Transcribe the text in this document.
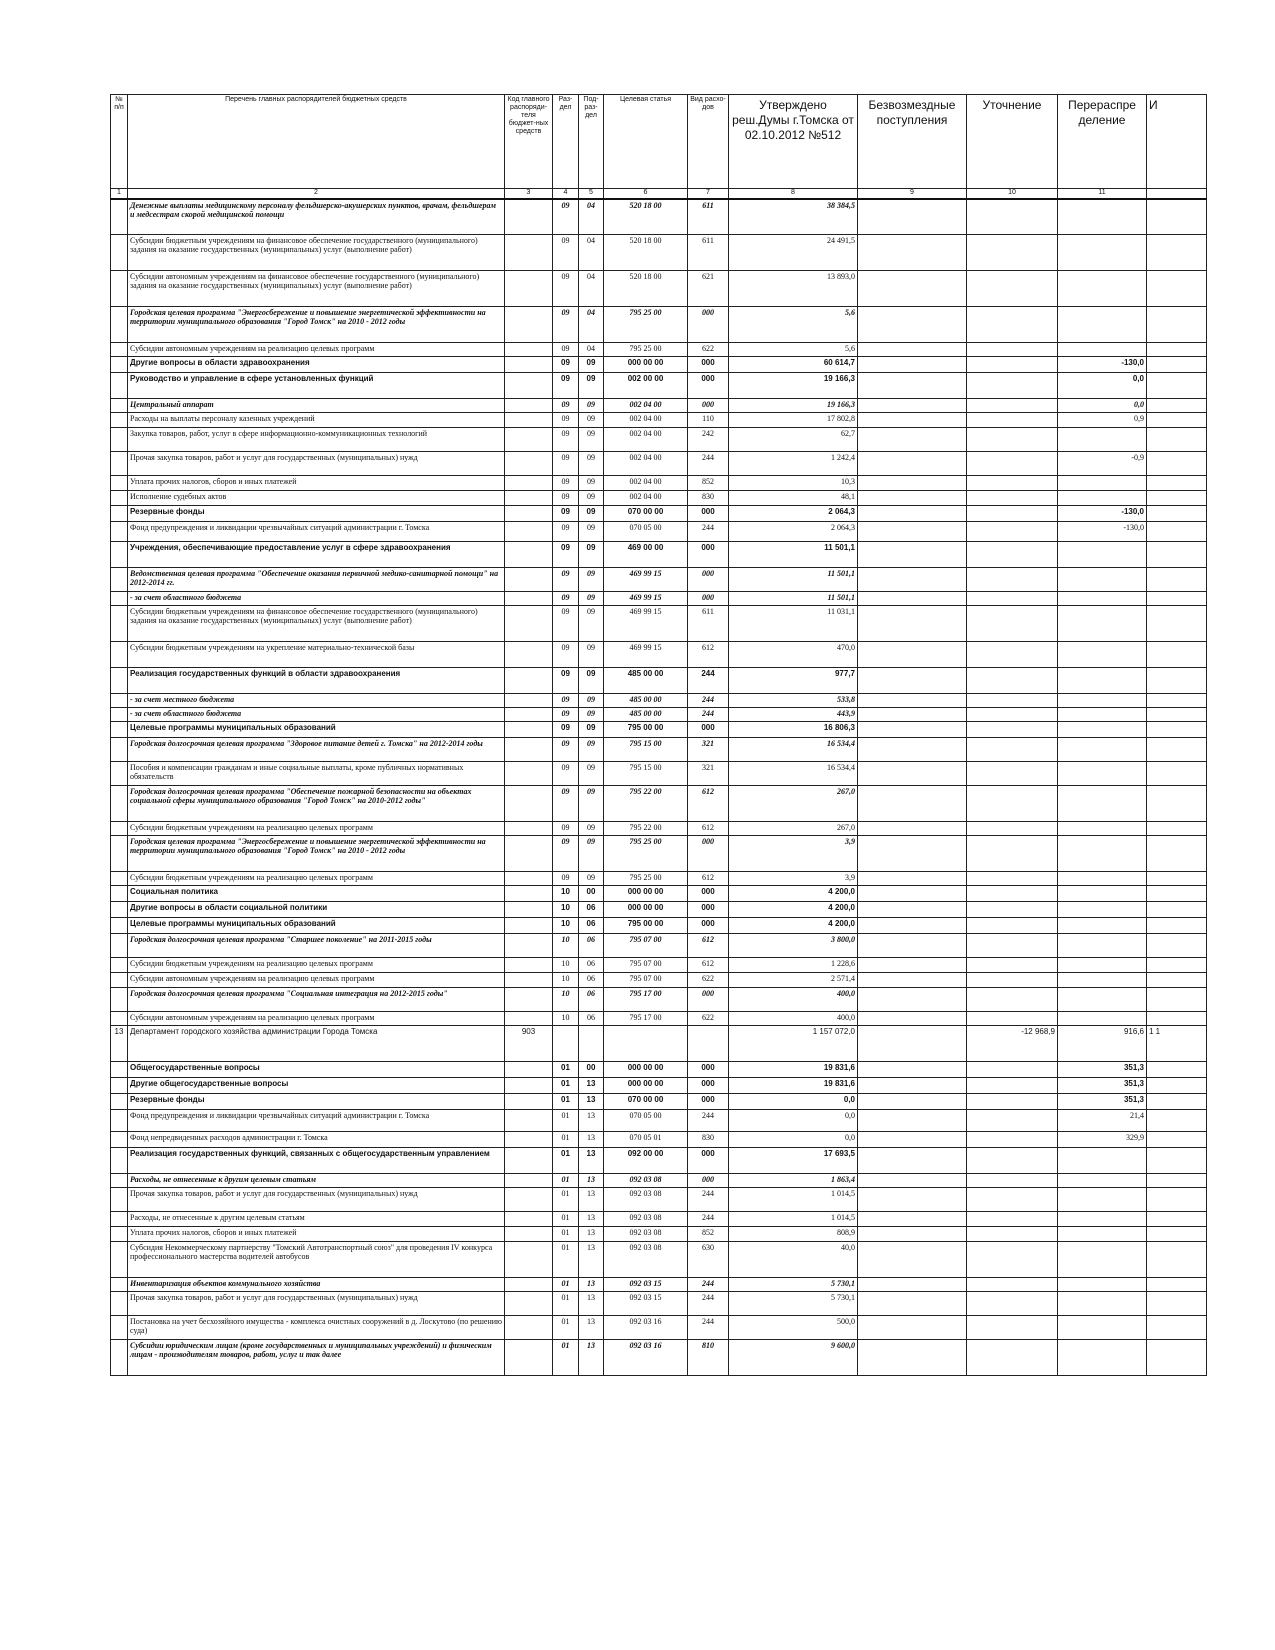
№ п/п	Перечень главных распорядителей бюджетных средств	Код главного распоряди-теля бюджет-ных средств	Раз-дел	Под-раз-дел	Целевая статья	Вид расхо-дов	Утверждено реш.Думы г.Томска от 02.10.2012 №512	Безвозмездные поступления	Уточнение	Перераспре деление	И
1	2	3	4	5	6	7	8	9	10	11	
	Денежные выплаты медицинскому персоналу фельдшерско-акушерских пунктов, врачам, фельдшерам и медсестрам скорой медицинской помощи		09	04	520 18 00	611	38 384,5				
	Субсидии бюджетным учреждениям на финансовое обеспечение государственного (муниципального) задания на оказание государственных (муниципальных) услуг (выполнение работ)		09	04	520 18 00	611	24 491,5				
	Субсидии автономным учреждениям на финансовое обеспечение государственного (муниципального) задания на оказание государственных (муниципальных) услуг (выполнение работ)		09	04	520 18 00	621	13 893,0				
	Городская целевая программа "Энергосбережение и повышение энергетической эффективности на территории муниципального образования "Город Томск" на 2010 - 2012 годы		09	04	795 25 00	000	5,6				
	Субсидии автономным учреждениям на реализацию целевых программ		09	04	795 25 00	622	5,6				
	Другие вопросы в области здравоохранения		09	09	000 00 00	000	60 614,7			-130,0	
	Руководство и управление в сфере установленных функций		09	09	002 00 00	000	19 166,3			0,0	
	Центральный аппарат		09	09	002 04 00	000	19 166,3			0,0	
	Расходы на выплаты персоналу казенных учреждений		09	09	002 04 00	110	17 802,8			0,9	
	Закупка товаров, работ, услуг в сфере информационно-коммуникационных технологий		09	09	002 04 00	242	62,7				
	Прочая закупка товаров, работ и услуг для государственных (муниципальных) нужд		09	09	002 04 00	244	1 242,4			-0,9	
	Уплата прочих налогов, сборов и иных платежей		09	09	002 04 00	852	10,3				
	Исполнение судебных актов		09	09	002 04 00	830	48,1				
	Резервные фонды		09	09	070 00 00	000	2 064,3			-130,0	
	Фонд предупреждения и ликвидации чрезвычайных ситуаций администрации г. Томска		09	09	070 05 00	244	2 064,3			-130,0	
	Учреждения, обеспечивающие предоставление услуг в сфере здравоохранения		09	09	469 00 00	000	11 501,1				
	Ведомственная целевая программа "Обеспечение оказания первичной медико-санитарной помощи" на 2012-2014 гг.		09	09	469 99 15	000	11 501,1				
	- за счет областного бюджета		09	09	469 99 15	000	11 501,1				
	Субсидии бюджетным учреждениям на финансовое обеспечение государственного (муниципального) задания на оказание государственных (муниципальных) услуг (выполнение работ)		09	09	469 99 15	611	11 031,1				
	Субсидии бюджетным учреждениям на укрепление материально-технической базы		09	09	469 99 15	612	470,0				
	Реализация государственных функций в области здравоохранения		09	09	485 00 00	244	977,7				
	- за счет местного бюджета		09	09	485 00 00	244	533,8				
	- за счет областного бюджета		09	09	485 00 00	244	443,9				
	Целевые программы муниципальных образований		09	09	795 00 00	000	16 806,3				
	Городская долгосрочная целевая программа "Здоровое питание детей г. Томска" на 2012-2014 годы		09	09	795 15 00	321	16 534,4				
	Пособия и компенсации гражданам и иные социальные выплаты, кроме публичных нормативных обязательств		09	09	795 15 00	321	16 534,4				
	Городская долгосрочная целевая программа "Обеспечение пожарной безопасности на объектах социальной сферы муниципального образования "Город Томск" на 2010-2012 годы"		09	09	795 22 00	612	267,0				
	Субсидии бюджетным учреждениям на реализацию целевых программ		09	09	795 22 00	612	267,0				
	Городская целевая программа "Энергосбережение и повышение энергетической эффективности на территории муниципального образования "Город Томск" на 2010 - 2012 годы		09	09	795 25 00	000	3,9				
	Субсидии бюджетным учреждениям на реализацию целевых программ		09	09	795 25 00	612	3,9				
	Социальная политика		10	00	000 00 00	000	4 200,0				
	Другие вопросы в области социальной политики		10	06	000 00 00	000	4 200,0				
	Целевые программы муниципальных образований		10	06	795 00 00	000	4 200,0				
	Городская долгосрочная целевая программа "Старшее поколение" на 2011-2015 годы		10	06	795 07 00	612	3 800,0				
	Субсидии бюджетным учреждениям на реализацию целевых программ		10	06	795 07 00	612	1 228,6				
	Субсидии автономным учреждениям на реализацию целевых программ		10	06	795 07 00	622	2 571,4				
	Городская долгосрочная целевая программа "Социальная интеграция на 2012-2015 годы"		10	06	795 17 00	000	400,0				
	Субсидии автономным учреждениям на реализацию целевых программ		10	06	795 17 00	622	400,0				
13	Департамент городского хозяйства администрации Города Томска	903					1 157 072,0		-12 968,9	916,6	1 1
	Общегосударственные вопросы		01	00	000 00 00	000	19 831,6			351,3	
	Другие общегосударственные вопросы		01	13	000 00 00	000	19 831,6			351,3	
	Резервные фонды		01	13	070 00 00	000	0,0			351,3	
	Фонд предупреждения и ликвидации чрезвычайных ситуаций администрации г. Томска		01	13	070 05 00	244	0,0			21,4	
	Фонд непредвиденных расходов администрации г. Томска		01	13	070 05 01	830	0,0			329,9	
	Реализация государственных функций, связанных с общегосударственным управлением		01	13	092 00 00	000	17 693,5				
	Расходы, не отнесенные к другим целевым статьям		01	13	092 03 08	000	1 863,4				
	Прочая закупка товаров, работ и услуг для государственных (муниципальных) нужд		01	13	092 03 08	244	1 014,5				
	Расходы, не отнесенные к другим целевым статьям		01	13	092 03 08	244	1 014,5				
	Уплата прочих налогов, сборов и иных платежей		01	13	092 03 08	852	808,9				
	Субсидия Некоммерческому партнерству "Томский Автотранспортный союз" для проведения IV конкурса профессионального мастерства водителей автобусов		01	13	092 03 08	630	40,0				
	Инвентаризация объектов коммунального хозяйства		01	13	092 03 15	244	5 730,1				
	Прочая закупка товаров, работ и услуг для государственных (муниципальных) нужд		01	13	092 03 15	244	5 730,1				
	Постановка на учет бесхозяйного имущества - комплекса очистных сооружений в д. Лоскутово (по решению суда)		01	13	092 03 16	244	500,0				
	Субсидии юридическим лицам (кроме государственных и муниципальных учреждений) и физическим лицам - производителям товаров, работ, услуг и так далее		01	13	092 03 16	810	9 600,0				
